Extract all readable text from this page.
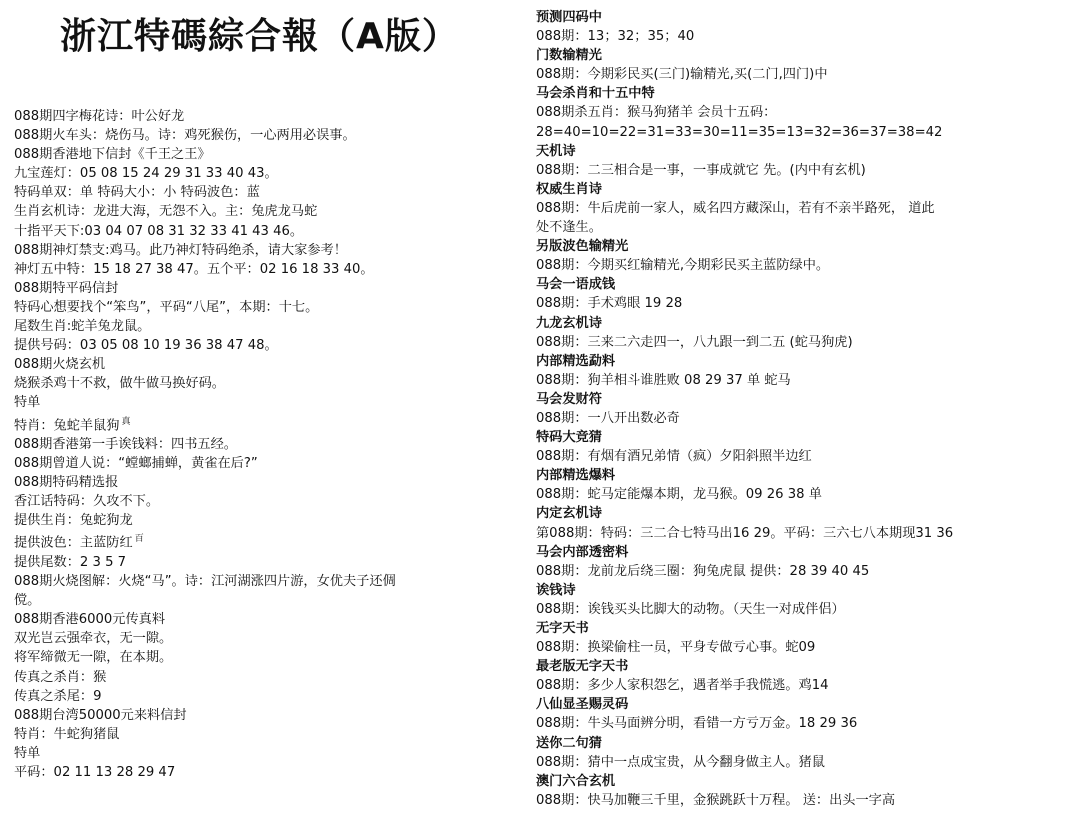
浙江特碼綜合報（A版）
088期四字梅花诗：叶公好龙
088期火车头：烧伤马。诗：鸡死猴伤，一心两用必误事。
088期香港地下信封《千王之王》
九宝莲灯：05 08 15 24 29 31 33 40 43。
特码单双：单 特码大小：小 特码波色：蓝
生肖玄机诗：龙进大海，无怨不入。主：兔虎龙马蛇
十指平天下:03 04 07 08 31 32 33 41 43 46。
088期神灯禁支:鸡马。此乃神灯特码绝杀，请大家参考！
神灯五中特：15 18 27 38 47。五个平：02 16 18 33 40。
088期特平码信封
特码心想要找个“笨鸟”，平码“八尾”，本期：十七。
尾数生肖:蛇羊兔龙鼠。
提供号码：03 05 08 10 19 36 38 47 48。
088期火烧玄机
烧猴杀鸡十不救，做牛做马换好码。
特单
特肖：兔蛇羊鼠狗 $^真$
088期香港第一手诶钱料：四书五经。
088期曾道人说：“螳螂捕蝉，黄雀在后?”
088期特码精选报
香江话特码：久攻不下。
提供生肖：兔蛇狗龙
提供波色：主蓝防红 $^百$
提供尾数：2 3 5 7
088期火烧图解：火烧“马”。诗：江河湖涨四片游，女优夫子还倜
傥。
088期香港6000元传真料
双光岂云强牵衣，无一隙。
将军缔微无一隙，在本期。
传真之杀肖：猴
传真之杀尾：9
088期台湾50000元来料信封
特肖：牛蛇狗猪鼠
特单
平码：02 11 13 28 29 47
预测四码中
088期：13；32；35；40
门数输精光
088期：今期彩民买(三门)输精光,买(二门,四门)中
马会杀肖和十五中特
088期杀五肖：猴马狗猪羊 会员十五码：
28=40=10=22=31=33=30=11=35=13=32=36=37=38=42
天机诗
088期：二三相合是一事，一事成就它 先。(内中有玄机)
权威生肖诗
088期：牛后虎前一家人，威名四方藏深山，若有不亲半路死， 道此
处不逢生。
另版波色输精光
088期：今期买红输精光,今期彩民买主蓝防绿中。
马会一语成钱
088期：手术鸡眼 19 28
九龙玄机诗
088期：三来二六走四一，八九跟一到二五 (蛇马狗虎)
内部精选勐料
088期：狗羊相斗谁胜败 08 29 37 单 蛇马
马会发财符
088期：一八开出数必奇
特码大竞猜
088期：有烟有酒兄弟情（疯）夕阳斜照半边红
内部精选爆料
088期：蛇马定能爆本期，龙马猴。09 26 38 单
内定玄机诗
第088期：特码：三二合七特马出16 29。平码：三六七八本期现31 36
马会内部透密料
088期：龙前龙后绕三圈：狗兔虎鼠 提供：28 39 40 45
诶钱诗
088期：诶钱买头比脚大的动物。（天生一对成伴侣）
无字天书
088期：换梁偷柱一员，平身专做亏心事。蛇09
最老版无字天书
088期：多少人家积怨乞，遇者举手我慌逃。鸡14
八仙显圣赐灵码
088期：牛头马面辨分明，看错一方亏万金。18 29 36
送你二句猜
088期：猜中一点成宝贵，从今翻身做主人。猪鼠
澳门六合玄机
088期：快马加鞭三千里，金猴跳跃十万程。 送：出头一字高
